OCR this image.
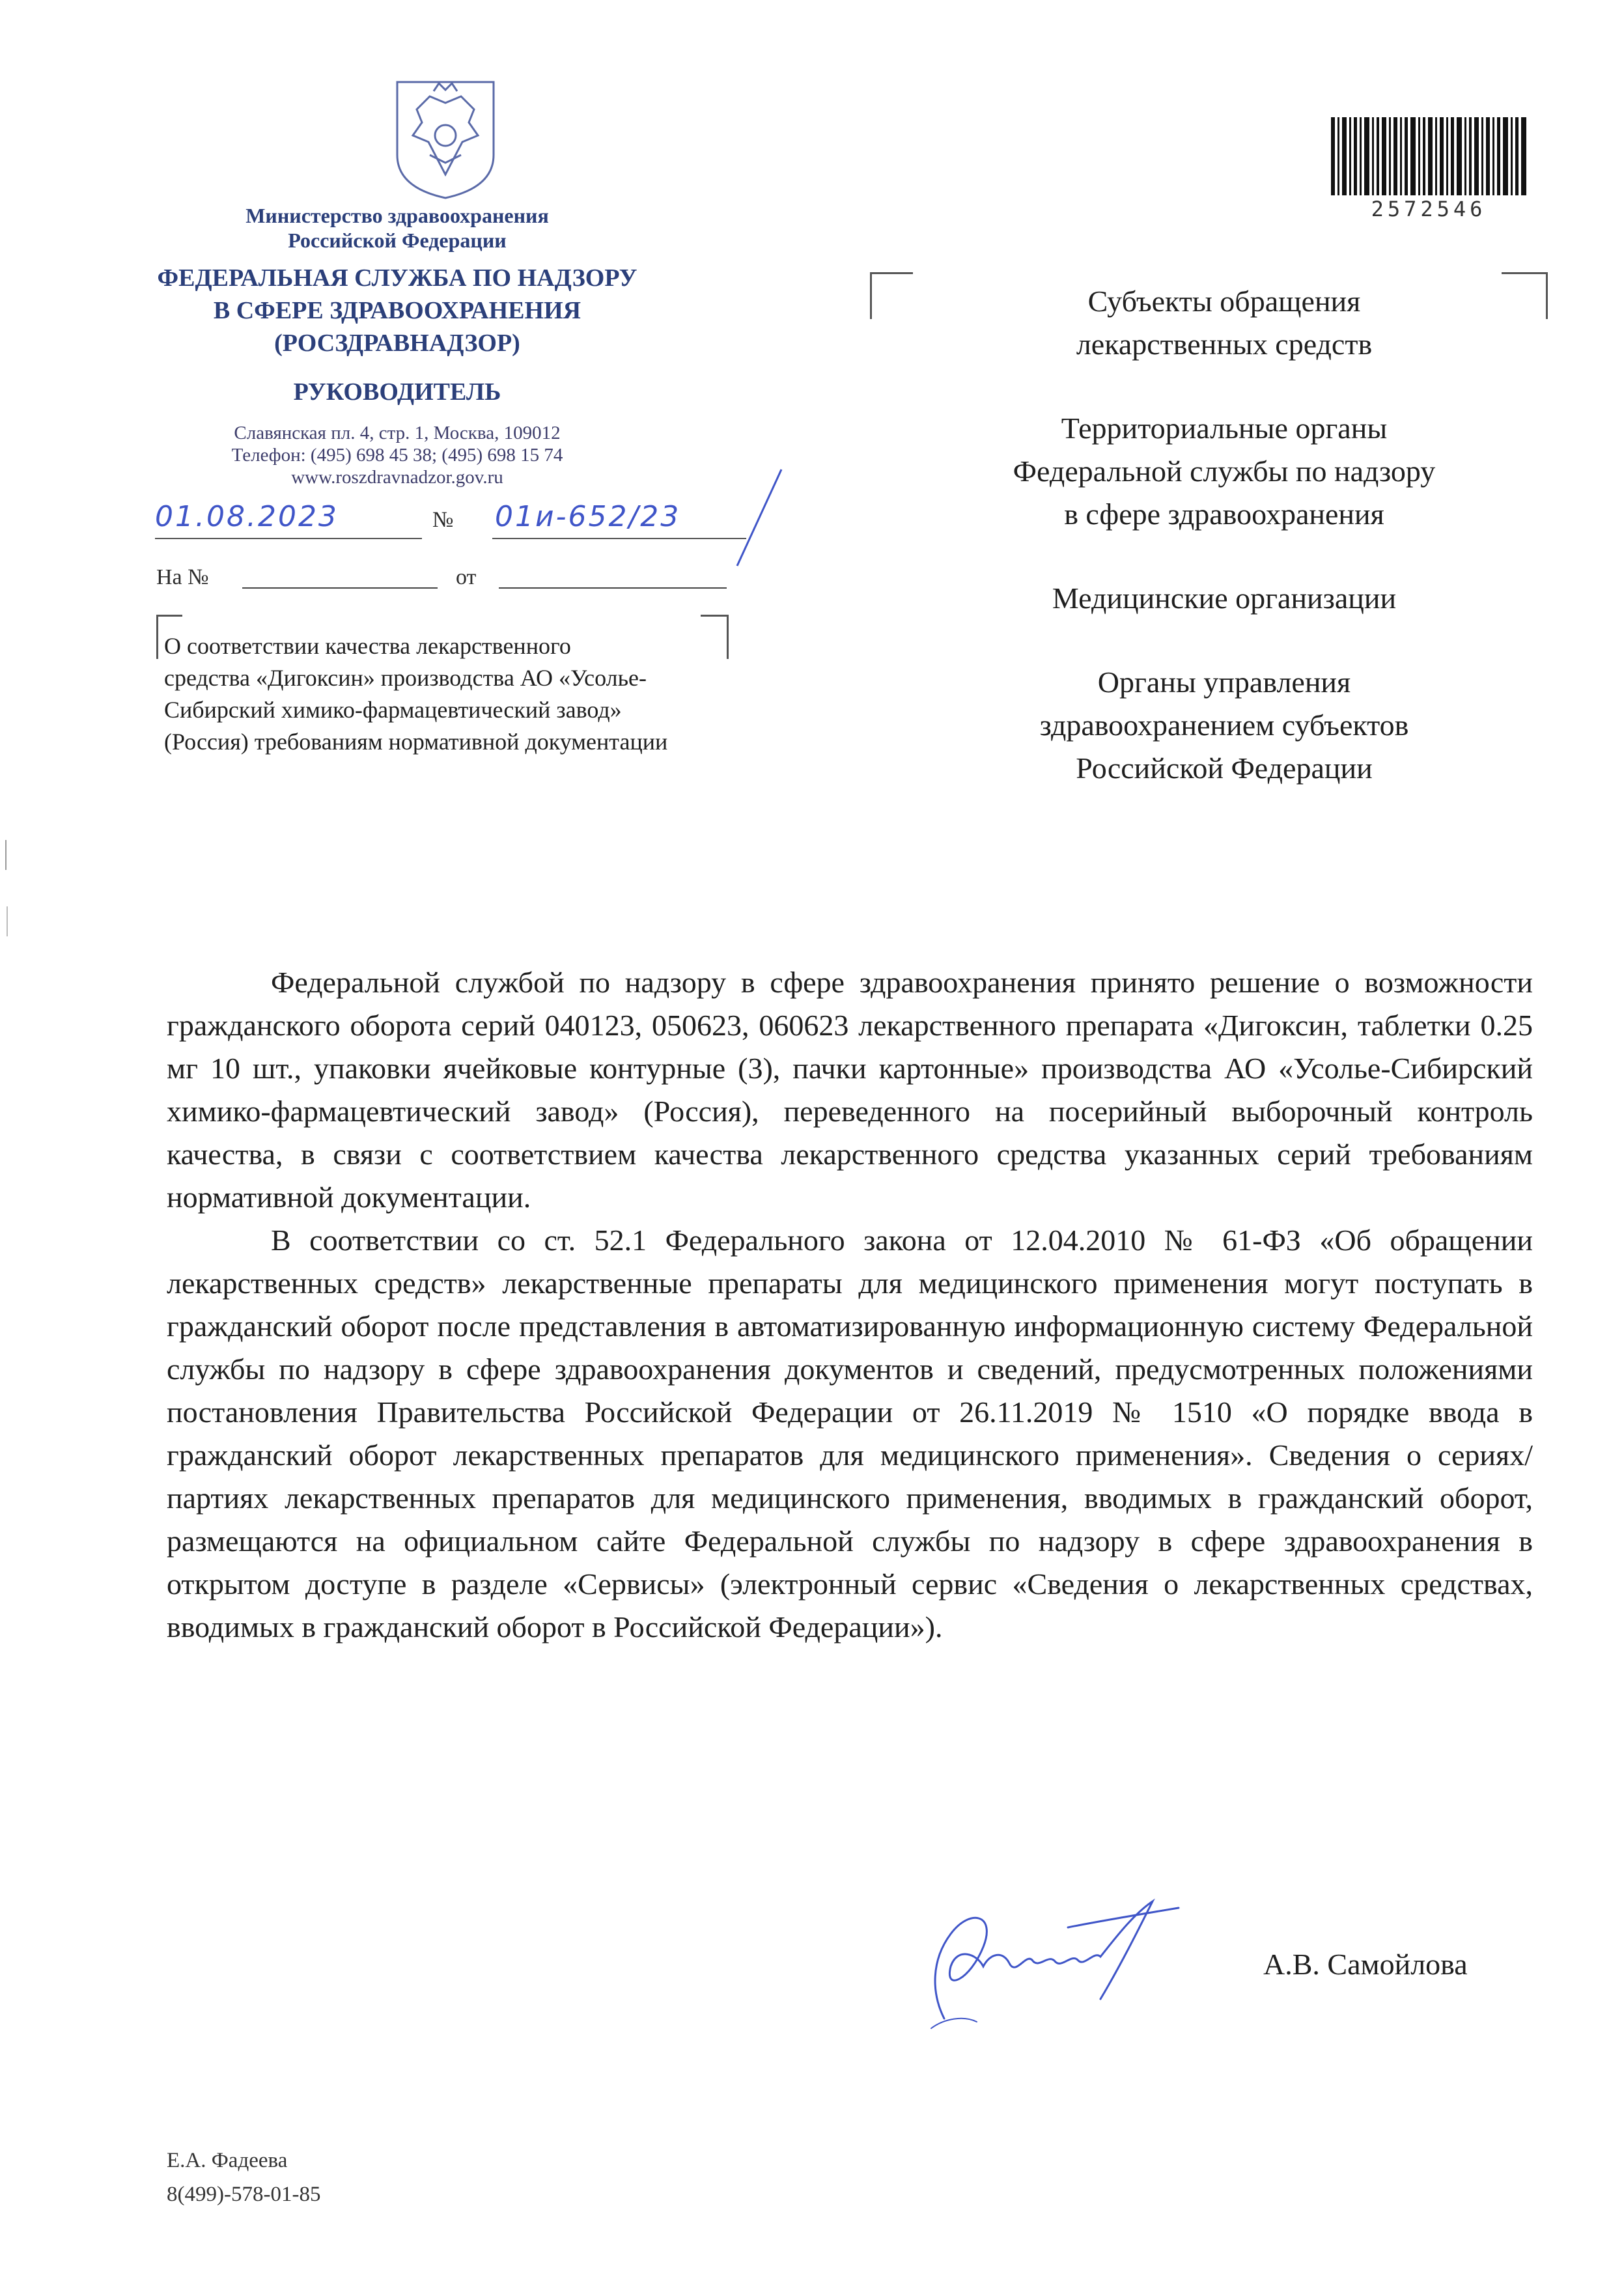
Министерство здравоохранения
Российской Федерации
ФЕДЕРАЛЬНАЯ СЛУЖБА ПО НАДЗОРУ
В СФЕРЕ ЗДРАВООХРАНЕНИЯ
(РОСЗДРАВНАДЗОР)
РУКОВОДИТЕЛЬ
Славянская пл. 4, стр. 1, Москва, 109012
Телефон: (495) 698 45 38; (495) 698 15 74
www.roszdravnadzor.gov.ru
01.08.2023	№ 01и-652/23
На №	от
О соответствии качества лекарственного
средства «Дигоксин» производства АО «Усолье-
Сибирский химико-фармацевтический завод»
(Россия) требованиям нормативной документации
2572546
Субъекты обращения
лекарственных средств
Территориальные органы
Федеральной службы по надзору
в сфере здравоохранения
Медицинские организации
Органы управления
здравоохранением субъектов
Российской Федерации

Федеральной службой по надзору в сфере здравоохранения принято решение о возможности гражданского оборота серий 040123, 050623, 060623 лекарственного препарата «Дигоксин, таблетки 0.25 мг 10 шт., упаковки ячейковые контурные (3), пачки картонные» производства АО «Усолье-Сибирский химико-фармацевтический завод» (Россия), переведенного на посерийный выборочный контроль качества, в связи с соответствием качества лекарственного средства указанных серий требованиям нормативной документации.

В соответствии со ст. 52.1 Федерального закона от 12.04.2010 № 61-ФЗ «Об обращении лекарственных средств» лекарственные препараты для медицинского применения могут поступать в гражданский оборот после представления в автоматизированную информационную систему Федеральной службы по надзору в сфере здравоохранения документов и сведений, предусмотренных положениями постановления Правительства Российской Федерации от 26.11.2019 № 1510 «О порядке ввода в гражданский оборот лекарственных препаратов для медицинского применения». Сведения о сериях/партиях лекарственных препаратов для медицинского применения, вводимых в гражданский оборот, размещаются на официальном сайте Федеральной службы по надзору в сфере здравоохранения в открытом доступе в разделе «Сервисы» (электронный сервис «Сведения о лекарственных средствах, вводимых в гражданский оборот в Российской Федерации»).

А.В. Самойлова
Е.А. Фадеева
8(499)-578-01-85
